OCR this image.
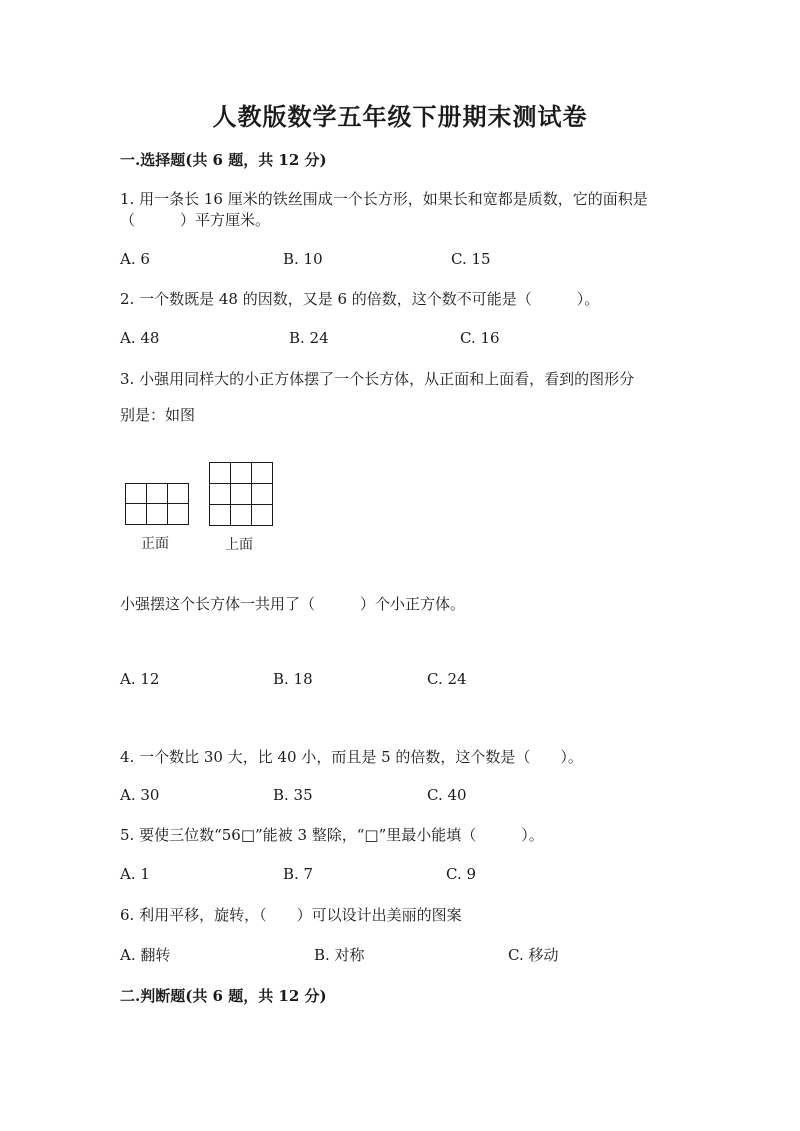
人教版数学五年级下册期末测试卷
一.选择题(共 6 题，共 12 分)
1. 用一条长 16 厘米的铁丝围成一个长方形，如果长和宽都是质数，它的面积是
（　　　）平方厘米。
A. 6	B. 10	C. 15
2. 一个数既是 48 的因数，又是 6 的倍数，这个数不可能是（　　　）。
A. 48	B. 24	C. 16
3. 小强用同样大的小正方体摆了一个长方体，从正面和上面看，看到的图形分
别是：如图
正面	上面
小强摆这个长方体一共用了（　　　）个小正方体。
A. 12	B. 18	C. 24
4. 一个数比 30 大，比 40 小，而且是 5 的倍数，这个数是（　　）。
A. 30	B. 35	C. 40
5. 要使三位数“56□”能被 3 整除，“□”里最小能填（　　　）。
A. 1	B. 7	C. 9
6. 利用平移，旋转，（　　）可以设计出美丽的图案
A. 翻转	B. 对称	C. 移动
二.判断题(共 6 题，共 12 分)
